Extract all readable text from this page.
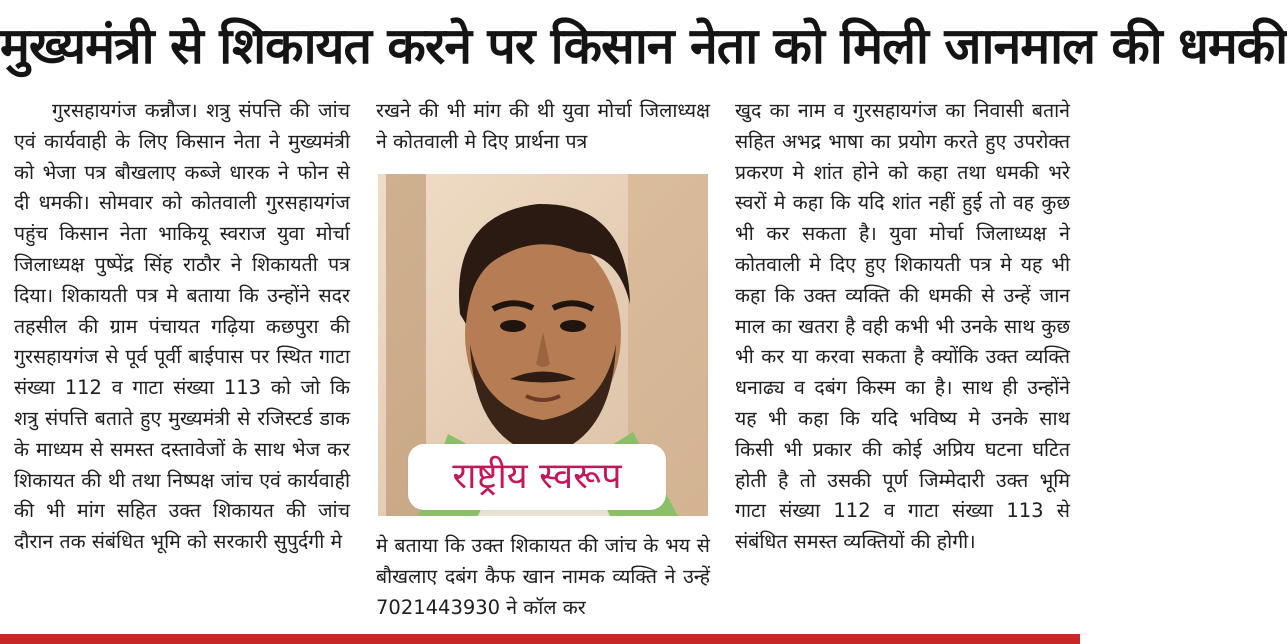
मुख्यमंत्री से शिकायत करने पर किसान नेता को मिली जानमाल की धमकी

गुरसहायगंज कन्नौज। शत्रु संपत्ति की जांच एवं कार्यवाही के लिए किसान नेता ने मुख्यमंत्री को भेजा पत्र बौखलाए कब्जे धारक ने फोन से दी धमकी। सोमवार को कोतवाली गुरसहायगंज पहुंच किसान नेता भाकियू स्वराज युवा मोर्चा जिलाध्यक्ष पुष्पेंद्र सिंह राठौर ने शिकायती पत्र दिया। शिकायती पत्र मे बताया कि उन्होंने सदर तहसील की ग्राम पंचायत गढ़िया कछपुरा की गुरसहायगंज से पूर्व पूर्वी बाईपास पर स्थित गाटा संख्या 112 व गाटा संख्या 113 को जो कि शत्रु संपत्ति बताते हुए मुख्यमंत्री से रजिस्टर्ड डाक के माध्यम से समस्त दस्तावेजों के साथ भेज कर शिकायत की थी तथा निष्पक्ष जांच एवं कार्यवाही की भी मांग सहित उक्त शिकायत की जांच दौरान तक संबंधित भूमि को सरकारी सुपुर्दगी मे

रखने की भी मांग की थी युवा मोर्चा जिलाध्यक्ष ने कोतवाली मे दिए प्रार्थना पत्र

राष्ट्रीय स्वरूप

मे बताया कि उक्त शिकायत की जांच के भय से बौखलाए दबंग कैफ खान नामक व्यक्ति ने उन्हें 7021443930 ने कॉल कर

खुद का नाम व गुरसहायगंज का निवासी बताने सहित अभद्र भाषा का प्रयोग करते हुए उपरोक्त प्रकरण मे शांत होने को कहा तथा धमकी भरे स्वरों मे कहा कि यदि शांत नहीं हुई तो वह कुछ भी कर सकता है। युवा मोर्चा जिलाध्यक्ष ने कोतवाली मे दिए हुए शिकायती पत्र मे यह भी कहा कि उक्त व्यक्ति की धमकी से उन्हें जान माल का खतरा है वही कभी भी उनके साथ कुछ भी कर या करवा सकता है क्योंकि उक्त व्यक्ति धनाढ्य व दबंग किस्म का है। साथ ही उन्होंने यह भी कहा कि यदि भविष्य मे उनके साथ किसी भी प्रकार की कोई अप्रिय घटना घटित होती है तो उसकी पूर्ण जिम्मेदारी उक्त भूमि गाटा संख्या 112 व गाटा संख्या 113 से संबंधित समस्त व्यक्तियों की होगी।
